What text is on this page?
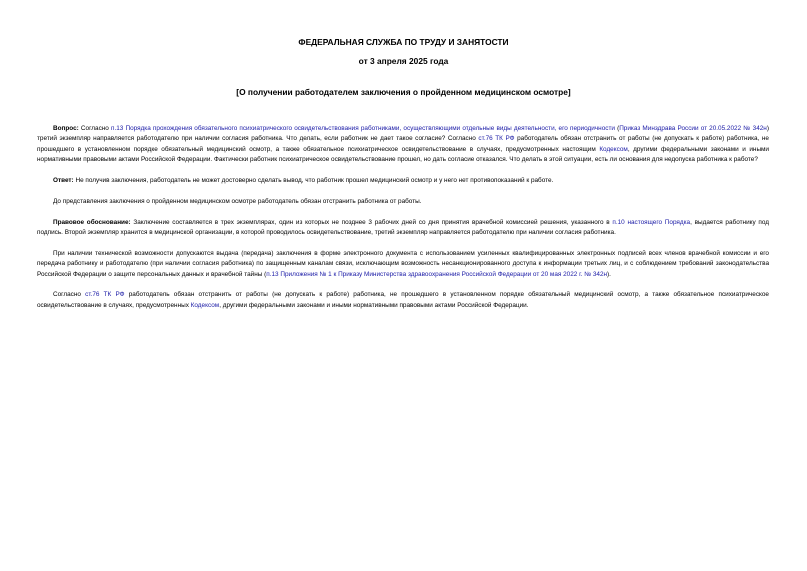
ФЕДЕРАЛЬНАЯ СЛУЖБА ПО ТРУДУ И ЗАНЯТОСТИ
от 3 апреля 2025 года
[О получении работодателем заключения о пройденном медицинском осмотре]

Вопрос: Согласно п.13 Порядка прохождения обязательного психиатрического освидетельствования работниками, осуществляющими отдельные виды деятельности, его периодичности (Приказ Минздрава России от 20.05.2022 № 342н) третий экземпляр направляется работодателю при наличии согласия работника. Что делать, если работник не дает такое согласие? Согласно ст.76 ТК РФ работодатель обязан отстранить от работы (не допускать к работе) работника, не прошедшего в установленном порядке обязательный медицинский осмотр, а также обязательное психиатрическое освидетельствование в случаях, предусмотренных настоящим Кодексом, другими федеральными законами и иными нормативными правовыми актами Российской Федерации. Фактически работник психиатрическое освидетельствование прошел, но дать согласие отказался. Что делать в этой ситуации, есть ли основания для недопуска работника к работе?

Ответ: Не получив заключения, работодатель не может достоверно сделать вывод, что работник прошел медицинский осмотр и у него нет противопоказаний к работе.

До представления заключения о пройденном медицинском осмотре работодатель обязан отстранить работника от работы.

Правовое обоснование: Заключение составляется в трех экземплярах, один из которых не позднее 3 рабочих дней со дня принятия врачебной комиссией решения, указанного в п.10 настоящего Порядка, выдается работнику под подпись. Второй экземпляр хранится в медицинской организации, в которой проводилось освидетельствование, третий экземпляр направляется работодателю при наличии согласия работника.

При наличии технической возможности допускаются выдача (передача) заключения в форме электронного документа с использованием усиленных квалифицированных электронных подписей всех членов врачебной комиссии и его передача работнику и работодателю (при наличии согласия работника) по защищенным каналам связи, исключающим возможность несанкционированного доступа к информации третьих лиц, и с соблюдением требований законодательства Российской Федерации о защите персональных данных и врачебной тайны (п.13 Приложения № 1 к Приказу Министерства здравоохранения Российской Федерации от 20 мая 2022 г. № 342н).

Согласно ст.76 ТК РФ работодатель обязан отстранить от работы (не допускать к работе) работника, не прошедшего в установленном порядке обязательный медицинский осмотр, а также обязательное психиатрическое освидетельствование в случаях, предусмотренных Кодексом, другими федеральными законами и иными нормативными правовыми актами Российской Федерации.
